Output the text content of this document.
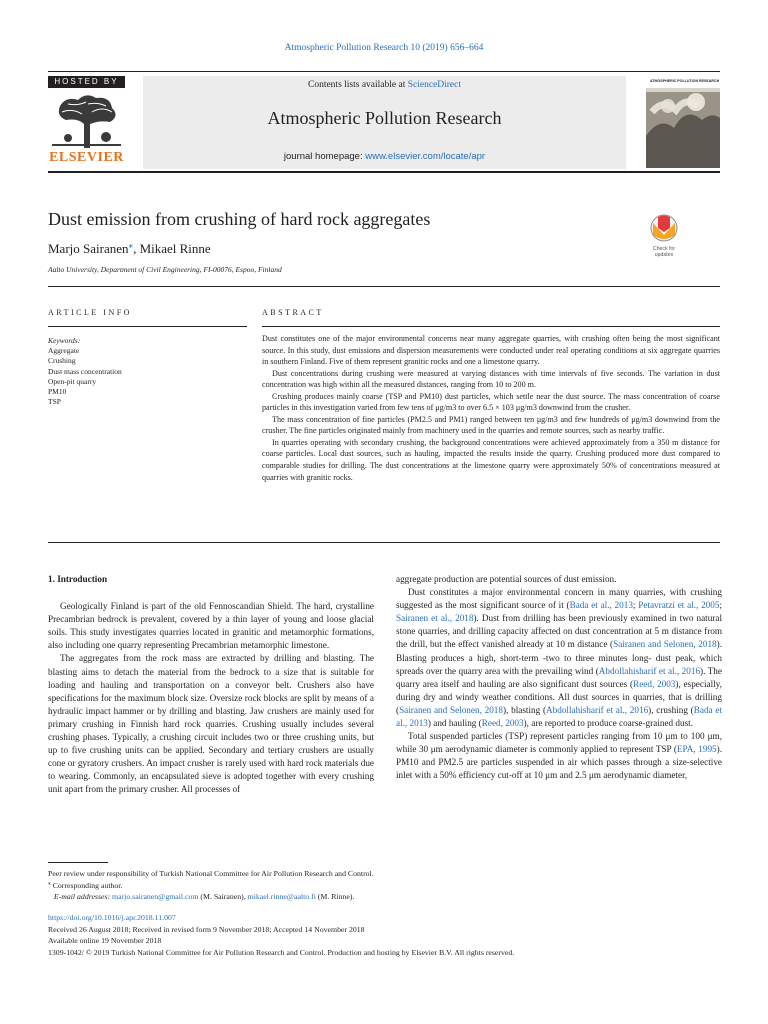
Atmospheric Pollution Research 10 (2019) 656–664
HOSTED BY
ELSEVIER
Contents lists available at ScienceDirect
Atmospheric Pollution Research
journal homepage: www.elsevier.com/locate/apr
ATMOSPHERIC POLLUTION RESEARCH
Dust emission from crushing of hard rock aggregates
Check for
updates
Marjo Sairanen⁎, Mikael Rinne
Aalto University, Department of Civil Engineering, FI-00076, Espoo, Finland
ARTICLE INFO
Keywords:
Aggregate
Crushing
Dust mass concentration
Open-pit quarry
PM10
TSP
ABSTRACT

Dust constitutes one of the major environmental concerns near many aggregate quarries, with crushing often being the most significant source. In this study, dust emissions and dispersion measurements were conducted under real operating conditions at six aggregate quarries in southern Finland. Five of them represent granitic rocks and one a limestone quarry.

Dust concentrations during crushing were measured at varying distances with time intervals of five seconds. The variation in dust concentration was high within all the measured distances, ranging from 10 to 200 m.

Crushing produces mainly coarse (TSP and PM10) dust particles, which settle near the dust source. The mass concentration of coarse particles in this investigation varied from few tens of μg/m3 to over 6.5 × 103 μg/m3 downwind from the crusher.

The mass concentration of fine particles (PM2.5 and PM1) ranged between ten μg/m3 and few hundreds of μg/m3 downwind from the crusher. The fine particles originated mainly from machinery used in the quarries and remote sources, such as nearby traffic.

In quarries operating with secondary crushing, the background concentrations were achieved approximately from a 350 m distance for coarse particles. Local dust sources, such as hauling, impacted the results inside the quarry. Crushing produced more dust compared to comparable studies for drilling. The dust concentrations at the limestone quarry were approximately 50% of concentrations measured at quarries with granitic rocks.

1. Introduction

Geologically Finland is part of the old Fennoscandian Shield. The hard, crystalline Precambrian bedrock is prevalent, covered by a thin layer of young and loose glacial soils. This study investigates quarries located in granitic and metamorphic formations, also including one quarry representing Precambrian metamorphic limestone.

The aggregates from the rock mass are extracted by drilling and blasting. The blasting aims to detach the material from the bedrock to a size that is suitable for loading and hauling and transportation on a conveyor belt. Crushers also have specifications for the maximum block size. Oversize rock blocks are split by means of a hydraulic impact hammer or by drilling and blasting. Jaw crushers are mainly used for primary crushing in Finnish hard rock quarries. Crushing usually includes several crushing phases. Typically, a crushing circuit includes two or three crushing units, but up to five crushing units can be applied. Secondary and tertiary crushers are usually cone or gyratory crushers. An impact crusher is rarely used with hard rock materials due to wearing. Commonly, an encapsulated sieve is adopted together with every crushing unit apart from the primary crusher. All processes of

aggregate production are potential sources of dust emission.

Dust constitutes a major environmental concern in many quarries, with crushing suggested as the most significant source of it (Bada et al., 2013; Petavratzi et al., 2005; Sairanen et al., 2018). Dust from drilling has been previously examined in two natural stone quarries, and drilling capacity affected on dust concentration at 5 m distance from the drill, but the effect vanished already at 10 m distance (Sairanen and Selonen, 2018). Blasting produces a high, short-term -two to three minutes long- dust peak, which spreads over the quarry area with the prevailing wind (Abdollahisharif et al., 2016). The quarry area itself and hauling are also significant dust sources (Reed, 2003), especially, during dry and windy weather conditions. All dust sources in quarries, that is drilling (Sairanen and Selonen, 2018), blasting (Abdollahisharif et al., 2016), crushing (Bada et al., 2013) and hauling (Reed, 2003), are reported to produce coarse-grained dust.

Total suspended particles (TSP) represent particles ranging from 10 μm to 100 μm, while 30 μm aerodynamic diameter is commonly applied to represent TSP (EPA, 1995). PM10 and PM2.5 are particles suspended in air which passes through a size-selective inlet with a 50% efficiency cut-off at 10 μm and 2.5 μm aerodynamic diameter,

Peer review under responsibility of Turkish National Committee for Air Pollution Research and Control.
⁎ Corresponding author.
E-mail addresses: marjo.sairanen@gmail.com (M. Sairanen), mikael.rinne@aalto.fi (M. Rinne).
https://doi.org/10.1016/j.apr.2018.11.007
Received 26 August 2018; Received in revised form 9 November 2018; Accepted 14 November 2018
Available online 19 November 2018
1309-1042/ © 2019 Turkish National Committee for Air Pollution Research and Control. Production and hosting by Elsevier B.V. All rights reserved.
